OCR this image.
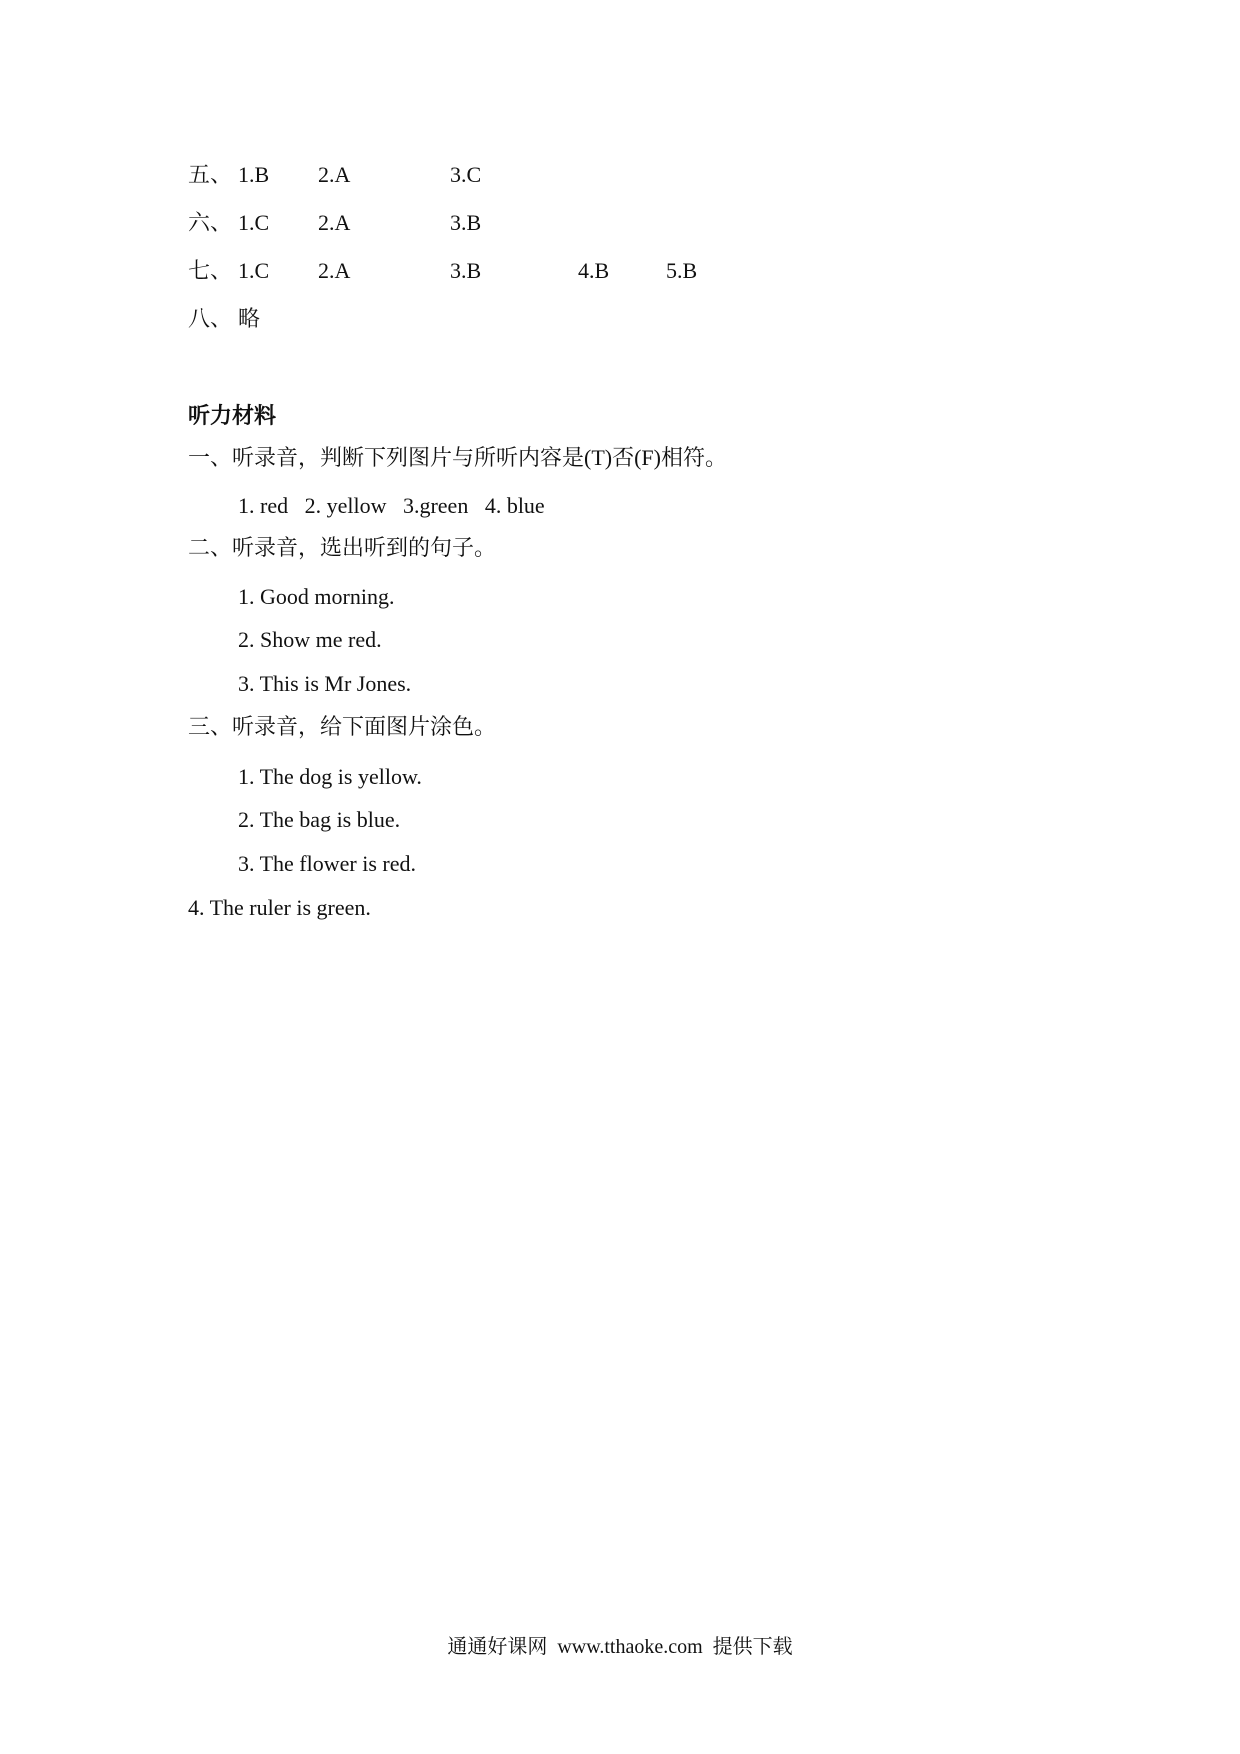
五、 1.B 2.A	3.C
六、 1.C 2.A	3.B
七、 1.C 2.A	3.B	4.B	5.B
八、 略
听力材料
一、听录音，判断下列图片与所听内容是(T)否(F)相符。
1. red   2. yellow   3.green   4. blue
二、听录音，选出听到的句子。
1. Good morning.
2. Show me red.
3. This is Mr Jones.
三、听录音，给下面图片涂色。
1. The dog is yellow.
2. The bag is blue.
3. The flower is red.
4. The ruler is green.
通通好课网  www.tthaoke.com  提供下载
